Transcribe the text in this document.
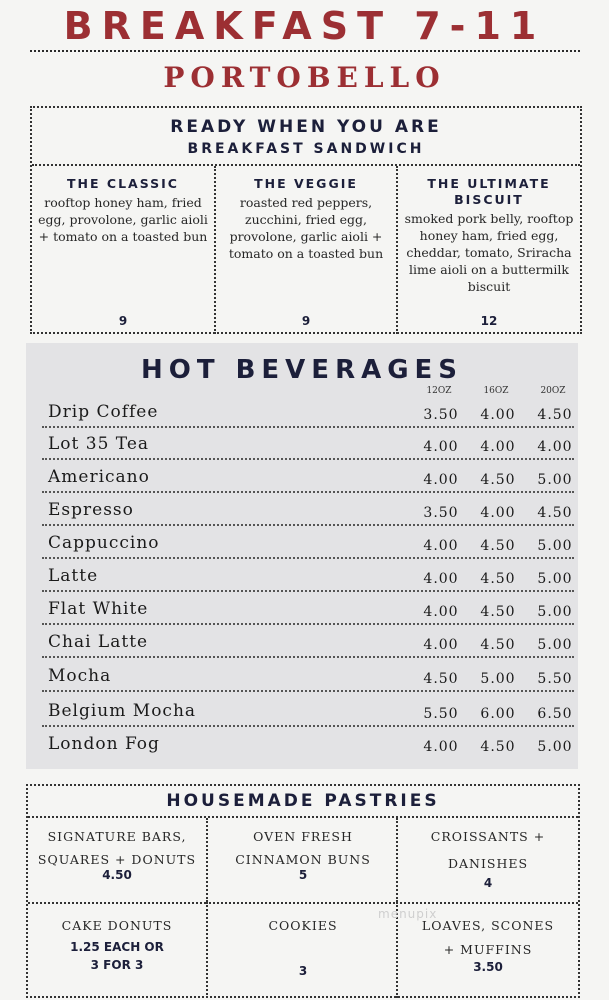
BREAKFAST 7-11
PORTOBELLO
READY WHEN YOU ARE
BREAKFAST SANDWICH
THE CLASSIC
rooftop honey ham, fried egg, provolone, garlic aioli + tomato on a toasted bun
9
THE VEGGIE
roasted red peppers, zucchini, fried egg, provolone, garlic aioli + tomato on a toasted bun
9
THE ULTIMATE BISCUIT
smoked pork belly, rooftop honey ham, fried egg, cheddar, tomato, Sriracha lime aioli on a buttermilk biscuit
12
HOT BEVERAGES
12OZ	16OZ	20OZ
Drip Coffee	3.50	4.00	4.50
Lot 35 Tea	4.00	4.00	4.00
Americano	4.00	4.50	5.00
Espresso	3.50	4.00	4.50
Cappuccino	4.00	4.50	5.00
Latte	4.00	4.50	5.00
Flat White	4.00	4.50	5.00
Chai Latte	4.00	4.50	5.00
Mocha	4.50	5.00	5.50
Belgium Mocha	5.50	6.00	6.50
London Fog	4.00	4.50	5.00
HOUSEMADE PASTRIES
SIGNATURE BARS,
SQUARES + DONUTS
4.50
OVEN FRESH
CINNAMON BUNS
5
CROISSANTS +
DANISHES
4
CAKE DONUTS
1.25 EACH OR
3 FOR 3
COOKIES
3
LOAVES, SCONES
+ MUFFINS
3.50
menupix
